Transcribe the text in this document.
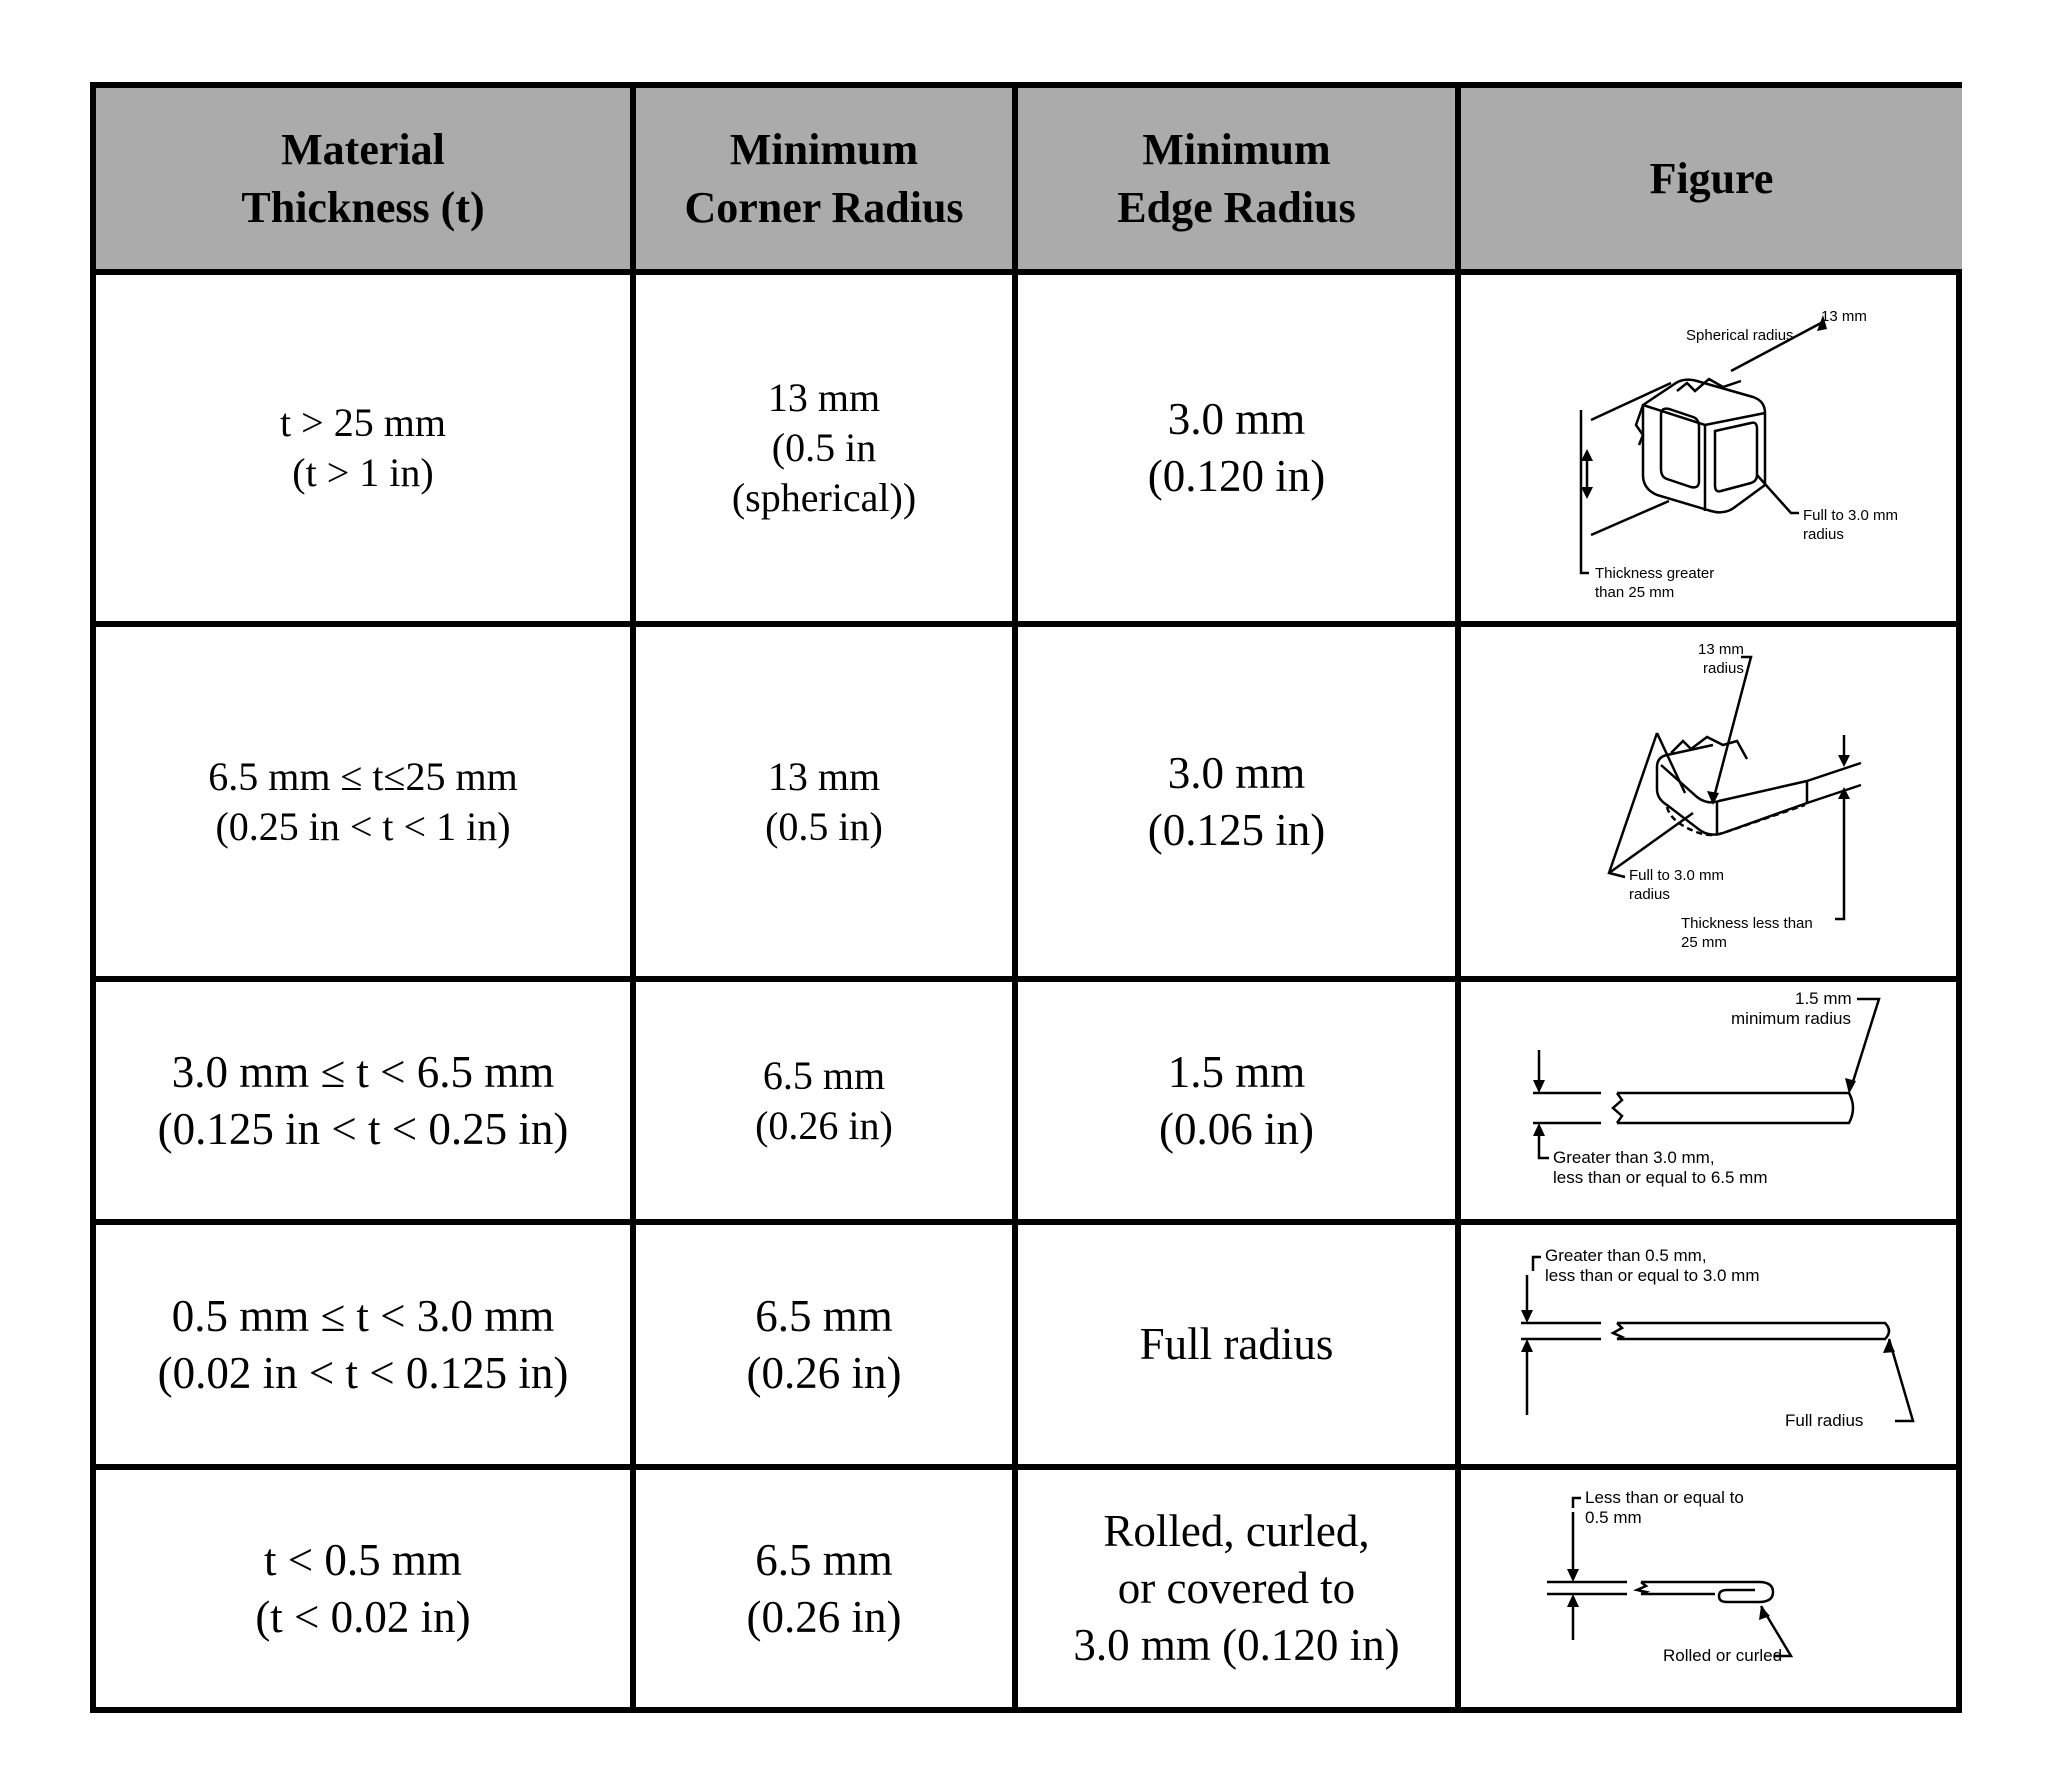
Material
Thickness (t)
Minimum
Corner Radius
Minimum
Edge Radius
Figure
t > 25 mm
(t > 1 in)
13 mm
(0.5 in
(spherical))
3.0 mm
(0.120 in)
13 mm
Spherical radius
Full to 3.0 mm
radius
Thickness greater
than 25 mm
6.5 mm ≤ t≤25 mm
(0.25 in < t < 1 in)
13 mm
(0.5 in)
3.0 mm
(0.125 in)
13 mm
radius
Full to 3.0 mm
radius
Thickness less than
25 mm
3.0 mm ≤ t < 6.5 mm
(0.125 in < t < 0.25 in)
6.5 mm
(0.26 in)
1.5 mm
(0.06 in)
1.5 mm
minimum radius
Greater than 3.0 mm,
less than or equal to 6.5 mm
0.5 mm ≤ t < 3.0 mm
(0.02 in < t < 0.125 in)
6.5 mm
(0.26 in)
Full radius
Greater than 0.5 mm,
less than or equal to 3.0 mm
Full radius
t < 0.5 mm
(t < 0.02 in)
6.5 mm
(0.26 in)
Rolled, curled,
or covered to
3.0 mm (0.120 in)
Less than or equal to
0.5 mm
Rolled or curled
